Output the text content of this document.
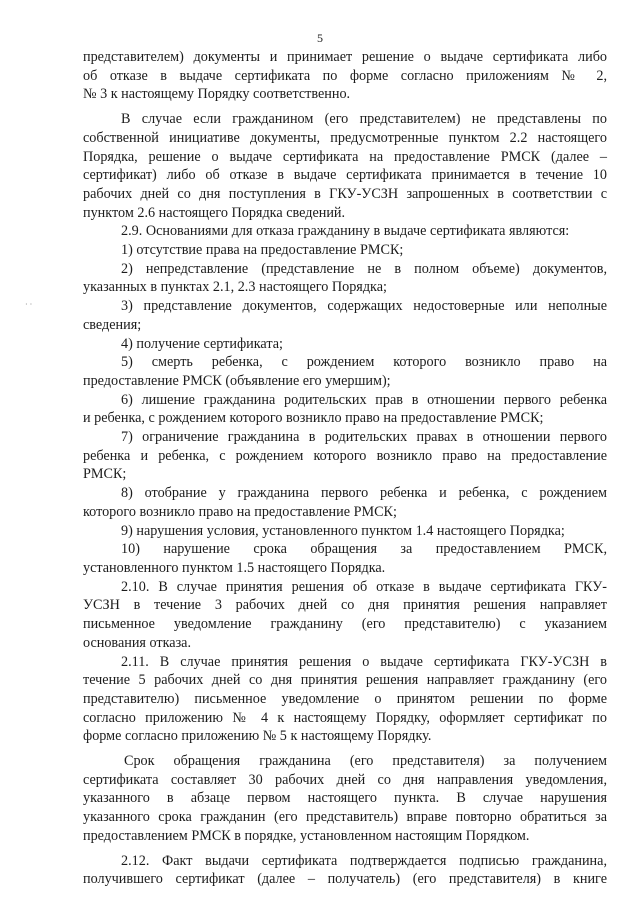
5
· ·
представителем) документы и принимает решение о выдаче сертификата либо
об отказе в выдаче сертификата по форме согласно приложениям № 2,
№ 3 к настоящему Порядку соответственно.
В случае если гражданином (его представителем) не представлены по
собственной инициативе документы, предусмотренные пунктом 2.2 настоящего
Порядка, решение о выдаче сертификата на предоставление РМСК (далее –
сертификат) либо об отказе в выдаче сертификата принимается в течение 10
рабочих дней со дня поступления в ГКУ-УСЗН запрошенных в соответствии с
пунктом 2.6 настоящего Порядка сведений.
2.9. Основаниями для отказа гражданину в выдаче сертификата являются:
1) отсутствие права на предоставление РМСК;
2) непредставление (представление не в полном объеме) документов,
указанных в пунктах 2.1, 2.3 настоящего Порядка;
3) представление документов, содержащих недостоверные или неполные
сведения;
4) получение сертификата;
5) смерть ребенка, с рождением которого возникло право на
предоставление РМСК (объявление его умершим);
6) лишение гражданина родительских прав в отношении первого ребенка
и ребенка, с рождением которого возникло право на предоставление РМСК;
7) ограничение гражданина в родительских правах в отношении первого
ребенка и ребенка, с рождением которого возникло право на предоставление
РМСК;
8) отобрание у гражданина первого ребенка и ребенка, с рождением
которого возникло право на предоставление РМСК;
9) нарушения условия, установленного пунктом 1.4 настоящего Порядка;
10) нарушение срока обращения за предоставлением РМСК,
установленного пунктом 1.5 настоящего Порядка.
2.10. В случае принятия решения об отказе в выдаче сертификата ГКУ-
УСЗН в течение 3 рабочих дней со дня принятия решения направляет
письменное уведомление гражданину (его представителю) с указанием
основания отказа.
2.11. В случае принятия решения о выдаче сертификата ГКУ-УСЗН в
течение 5 рабочих дней со дня принятия решения направляет гражданину (его
представителю) письменное уведомление о принятом решении по форме
согласно приложению № 4 к настоящему Порядку, оформляет сертификат по
форме согласно приложению № 5 к настоящему Порядку.
Срок обращения гражданина (его представителя) за получением
сертификата составляет 30 рабочих дней со дня направления уведомления,
указанного в абзаце первом настоящего пункта. В случае нарушения
указанного срока гражданин (его представитель) вправе повторно обратиться за
предоставлением РМСК в порядке, установленном настоящим Порядком.
2.12. Факт выдачи сертификата подтверждается подписью гражданина,
получившего сертификат (далее – получатель) (его представителя) в книге
